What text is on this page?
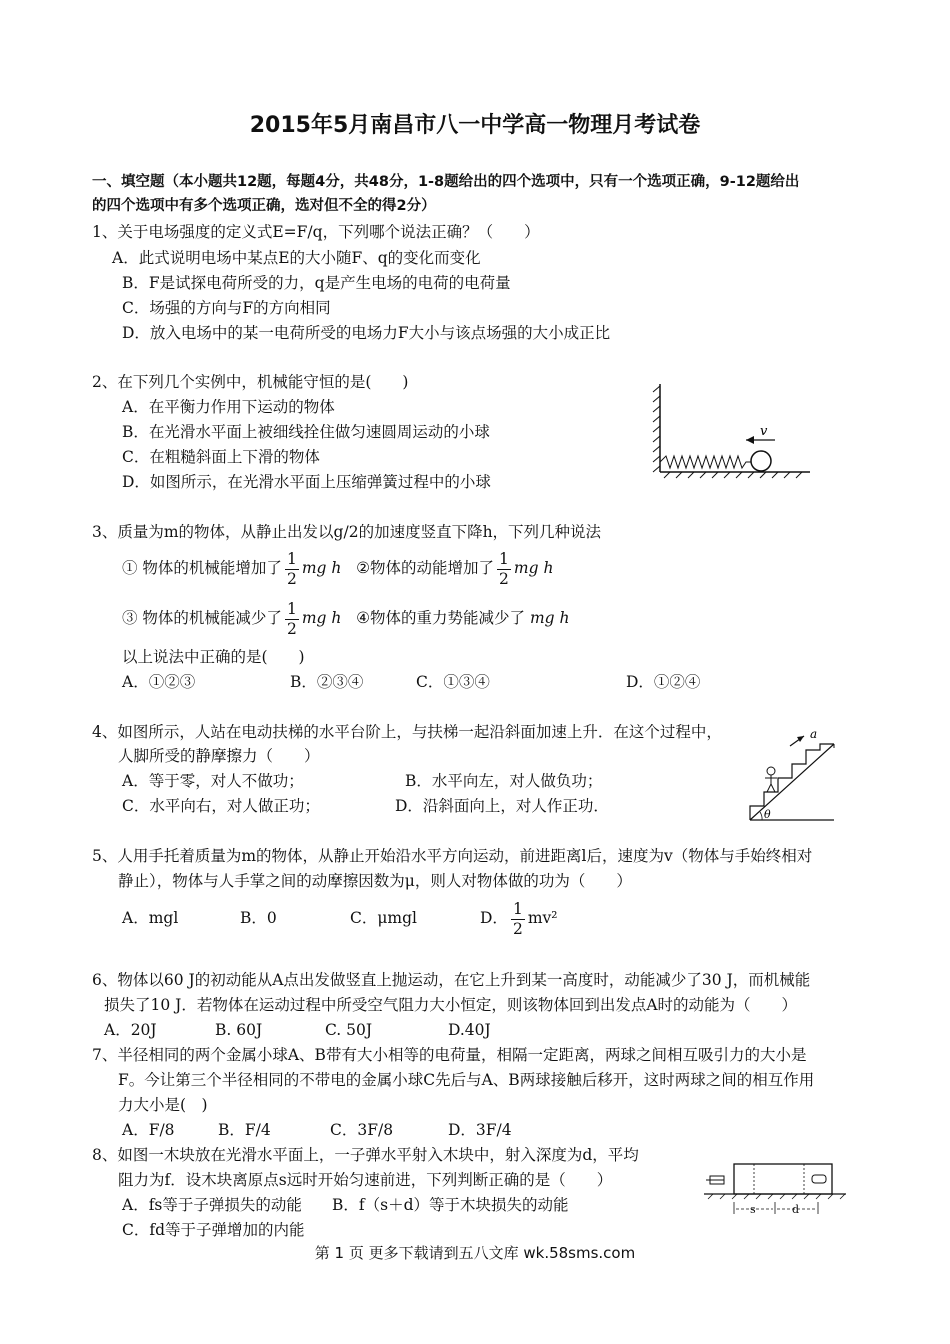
2015年5月南昌市八一中学高一物理月考试卷
一、填空题（本小题共12题，每题4分，共48分，1-8题给出的四个选项中，只有一个选项正确，9-12题给出
的四个选项中有多个选项正确，选对但不全的得2分）
1、关于电场强度的定义式E=F/q，下列哪个说法正确？（　　）
A．此式说明电场中某点E的大小随F、q的变化而变化
B．F是试探电荷所受的力，q是产生电场的电荷的电荷量
C．场强的方向与F的方向相同
D．放入电场中的某一电荷所受的电场力F大小与该点场强的大小成正比
2、在下列几个实例中，机械能守恒的是(　　)
A．在平衡力作用下运动的物体
B．在光滑水平面上被细线拴住做匀速圆周运动的小球
C．在粗糙斜面上下滑的物体
D．如图所示，在光滑水平面上压缩弹簧过程中的小球
v
3、质量为m的物体，从静止出发以g/2的加速度竖直下降h，下列几种说法
① 物体的机械能增加了 $\frac{1}{2}$ mg h ②物体的动能增加了 $\frac{1}{2}$ mg h
③ 物体的机械能减少了 $\frac{1}{2}$ mg h ④物体的重力势能减少了 mg h
以上说法中正确的是(　　)
A．①②③	B．②③④	C．①③④	D．①②④
4、如图所示，人站在电动扶梯的水平台阶上，与扶梯一起沿斜面加速上升．在这个过程中，
人脚所受的静摩擦力（　　）
A．等于零，对人不做功；	B．水平向左，对人做负功；
C．水平向右，对人做正功；	D．沿斜面向上，对人作正功．
a
θ
5、人用手托着质量为m的物体，从静止开始沿水平方向运动，前进距离l后，速度为v（物体与手始终相对
静止），物体与人手掌之间的动摩擦因数为μ，则人对物体做的功为（　　）
A．mgl	B．0	C．μmgl	D． $\frac{1}{2} mv^2$
6、物体以60 J的初动能从A点出发做竖直上抛运动，在它上升到某一高度时，动能减少了30 J，而机械能
损失了10 J．若物体在运动过程中所受空气阻力大小恒定，则该物体回到出发点A时的动能为（　　）
A．20J	B. 60J	C. 50J	D.40J
7、半径相同的两个金属小球A、B带有大小相等的电荷量，相隔一定距离，两球之间相互吸引力的大小是
F。今让第三个半径相同的不带电的金属小球C先后与A、B两球接触后移开，这时两球之间的相互作用
力大小是(　)
A．F/8	B．F/4	C．3F/8	D．3F/4
8、如图一木块放在光滑水平面上，一子弹水平射入木块中，射入深度为d，平均
阻力为f．设木块离原点s远时开始匀速前进，下列判断正确的是（　　）
A．fs等于子弹损失的动能 B．f（s＋d）等于木块损失的动能
C．fd等于子弹增加的内能
s	d
第 1 页 更多下载请到五八文库 wk.58sms.com
